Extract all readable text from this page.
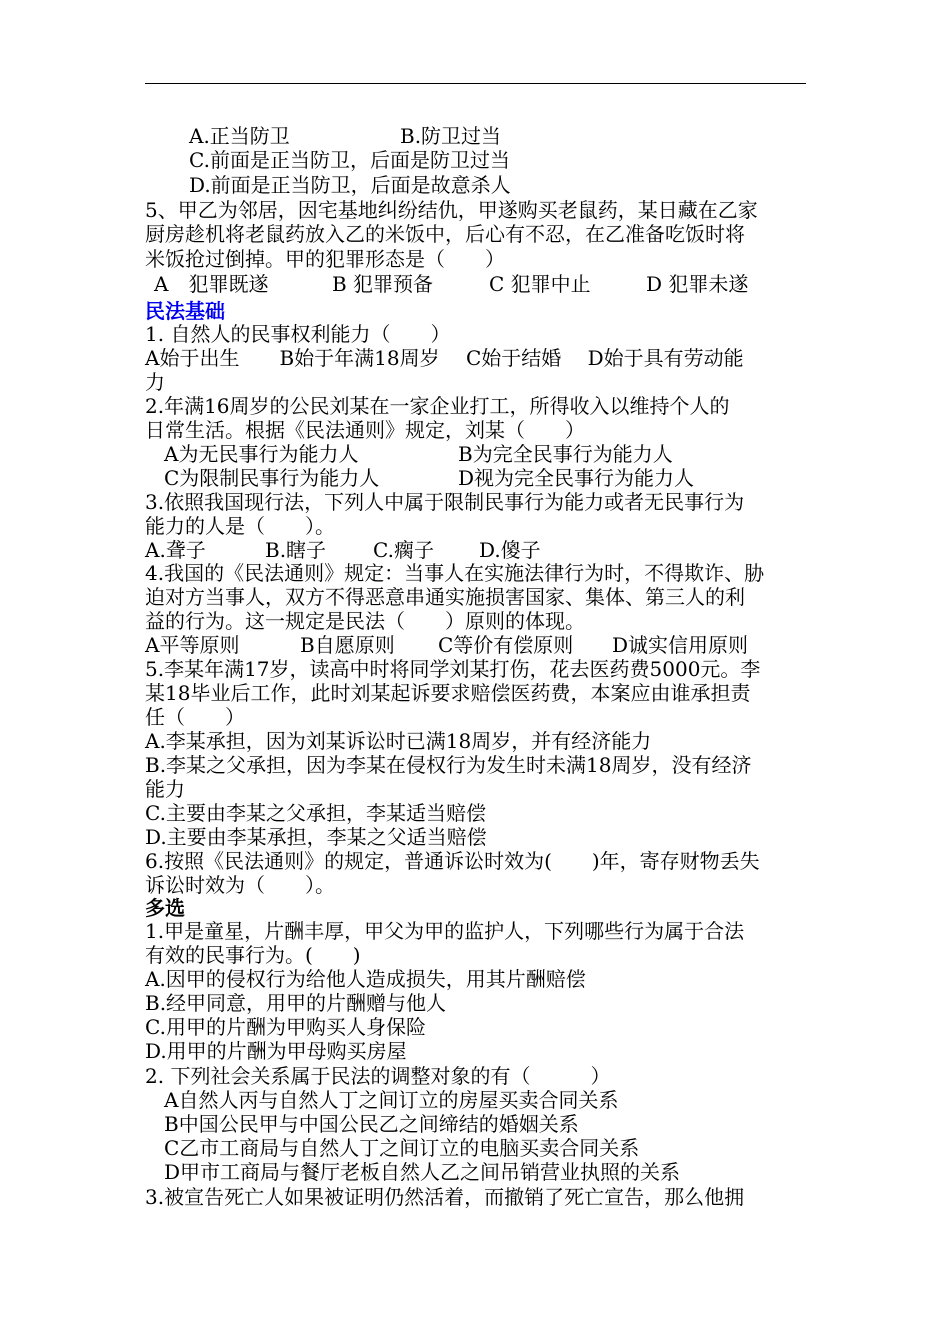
A.正当防卫	B.防卫过当
C.前面是正当防卫，后面是防卫过当
D.前面是正当防卫，后面是故意杀人
5、甲乙为邻居，因宅基地纠纷结仇，甲遂购买老鼠药，某日藏在乙家
厨房趁机将老鼠药放入乙的米饭中，后心有不忍，在乙准备吃饭时将
米饭抢过倒掉。甲的犯罪形态是（　　）
A　犯罪既遂	B 犯罪预备	C 犯罪中止	D 犯罪未遂
民法基础
1. 自然人的民事权利能力（　　）
A始于出生　　B始于年满18周岁　 C始于结婚　 D始于具有劳动能
力
2.年满16周岁的公民刘某在一家企业打工，所得收入以维持个人的
日常生活。根据《民法通则》规定，刘某（　　）
A为无民事行为能力人	B为完全民事行为能力人
C为限制民事行为能力人	D视为完全民事行为能力人
3.依照我国现行法，下列人中属于限制民事行为能力或者无民事行为
能力的人是（　　）。
A.聋子	B.瞎子 C.瘸子 D.傻子
4.我国的《民法通则》规定：当事人在实施法律行为时，不得欺诈、胁
迫对方当事人，双方不得恶意串通实施损害国家、集体、第三人的利
益的行为。这一规定是民法（　　）原则的体现。
A平等原则	B自愿原则 C等价有偿原则 D诚实信用原则
5.李某年满17岁，读高中时将同学刘某打伤，花去医药费5000元。李
某18毕业后工作，此时刘某起诉要求赔偿医药费，本案应由谁承担责
任（　　）
A.李某承担，因为刘某诉讼时已满18周岁，并有经济能力
B.李某之父承担，因为李某在侵权行为发生时未满18周岁，没有经济
能力
C.主要由李某之父承担，李某适当赔偿
D.主要由李某承担，李某之父适当赔偿
6.按照《民法通则》的规定，普通诉讼时效为(　　)年，寄存财物丢失
诉讼时效为（　　）。
多选
1.甲是童星，片酬丰厚，甲父为甲的监护人，下列哪些行为属于合法
有效的民事行为。(　　)
A.因甲的侵权行为给他人造成损失，用其片酬赔偿
B.经甲同意，用甲的片酬赠与他人
C.用甲的片酬为甲购买人身保险
D.用甲的片酬为甲母购买房屋
2. 下列社会关系属于民法的调整对象的有（　　　）
A自然人丙与自然人丁之间订立的房屋买卖合同关系
B中国公民甲与中国公民乙之间缔结的婚姻关系
C乙市工商局与自然人丁之间订立的电脑买卖合同关系
D甲市工商局与餐厅老板自然人乙之间吊销营业执照的关系
3.被宣告死亡人如果被证明仍然活着，而撤销了死亡宣告，那么他拥
